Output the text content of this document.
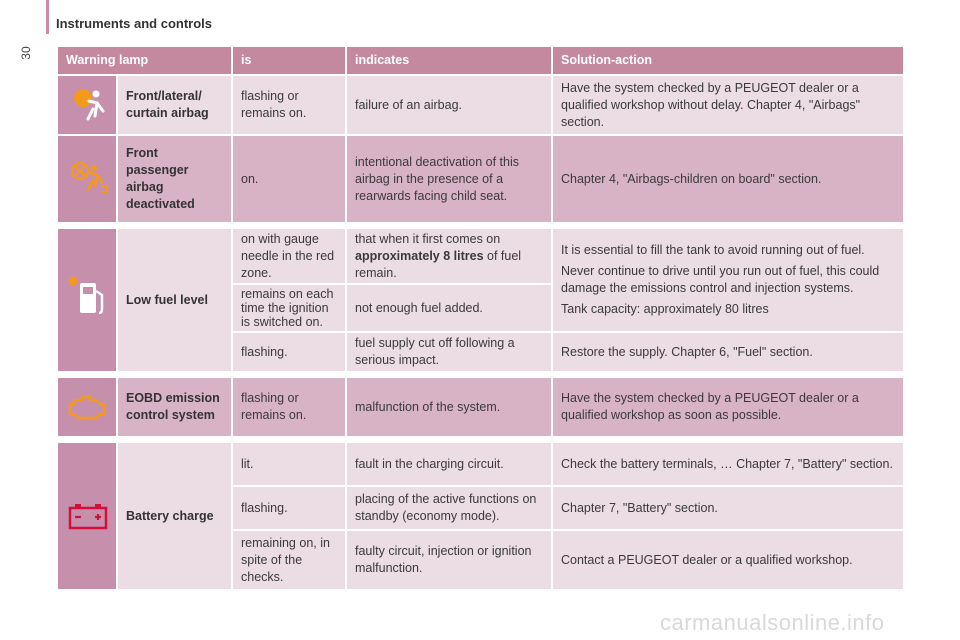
30
Instruments and controls
Warning lamp		is	indicates	Solution-action

	Front/lateral/ curtain airbag	flashing or remains on.	failure of an airbag.	Have the system checked by a PEUGEOT dealer or a qualified workshop without delay. Chapter 4, "Airbags" section.

	Front passenger airbag deactivated	on.	intentional deactivation of this airbag in the presence of a rearwards facing child seat.	Chapter 4, "Airbags-children on board" section.

	Low fuel level	on with gauge needle in the red zone.	that when it first comes on approximately 8 litres of fuel remain.	It is essential to fill the tank to avoid running out of fuel.
Never continue to drive until you run out of fuel, this could damage the emissions control and injection systems.
Tank capacity: approximately 80 litres

		remains on each time the ignition is switched on.	not enough fuel added.	
		flashing.	fuel supply cut off following a serious impact.	Restore the supply. Chapter 6, "Fuel" section.

	EOBD emission control system	flashing or remains on.	malfunction of the system.	Have the system checked by a PEUGEOT dealer or a qualified workshop as soon as possible.

	Battery charge	lit.	fault in the charging circuit.	Check the battery terminals, … Chapter 7, "Battery" section.
		flashing.	placing of the active functions on standby (economy mode).	Chapter 7, "Battery" section.
		remaining on, in spite of the checks.	faulty circuit, injection or ignition malfunction.	Contact a PEUGEOT dealer or a qualified workshop.
carmanualsonline.info
